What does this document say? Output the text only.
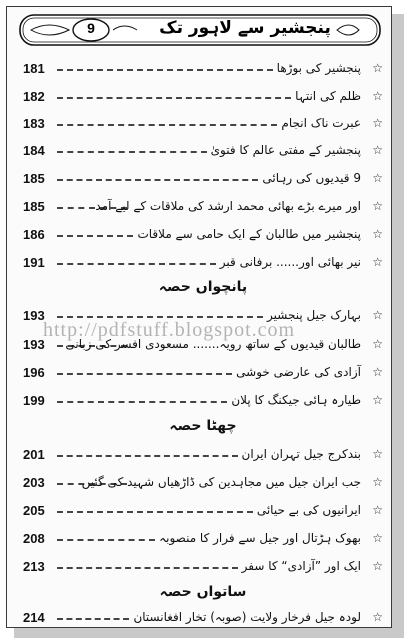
9	پنجشیر سے لاہور تک
181	پنجشیر کی بوڑھا ☆
182	ظلم کی انتہا ☆
183	عبرت ناک انجام ☆
184	پنجشیر کے مفتی عالم کا فتویٰ ☆
185	9 قیدیوں کی رہائی ☆
185	اور میرے بڑے بھائی محمد ارشد کی ملاقات کے لیے آمد ☆
186	پنجشیر میں طالبان کے ایک حامی سے ملاقات ☆
191	نیر بھائی اور...... برفانی قبر ☆
پانچواں حصہ
193	بہارک جیل پنجشیر ☆
193	طالبان قیدیوں کے ساتھ رویہ....... مسعودی افسر کی زبانی ☆
196	آزادی کی عارضی خوشی ☆
199	طیارہ ہائی جیکنگ کا پلان ☆
چھٹا حصہ
201	بندکرج جیل تہران ایران ☆
203	جب ایران جیل میں مجاہدین کی ڈاڑھیاں شہید کی گئیں ☆
205	ایرانیوں کی بے حیائی ☆
208	بھوک ہڑتال اور جیل سے فرار کا منصوبہ ☆
213	ایک اور ”آزادی“ کا سفر ☆
ساتواں حصہ
214	لودہ جیل فرخار ولایت (صوبہ) تخار افغانستان ☆
http://pdfstuff.blogspot.com
